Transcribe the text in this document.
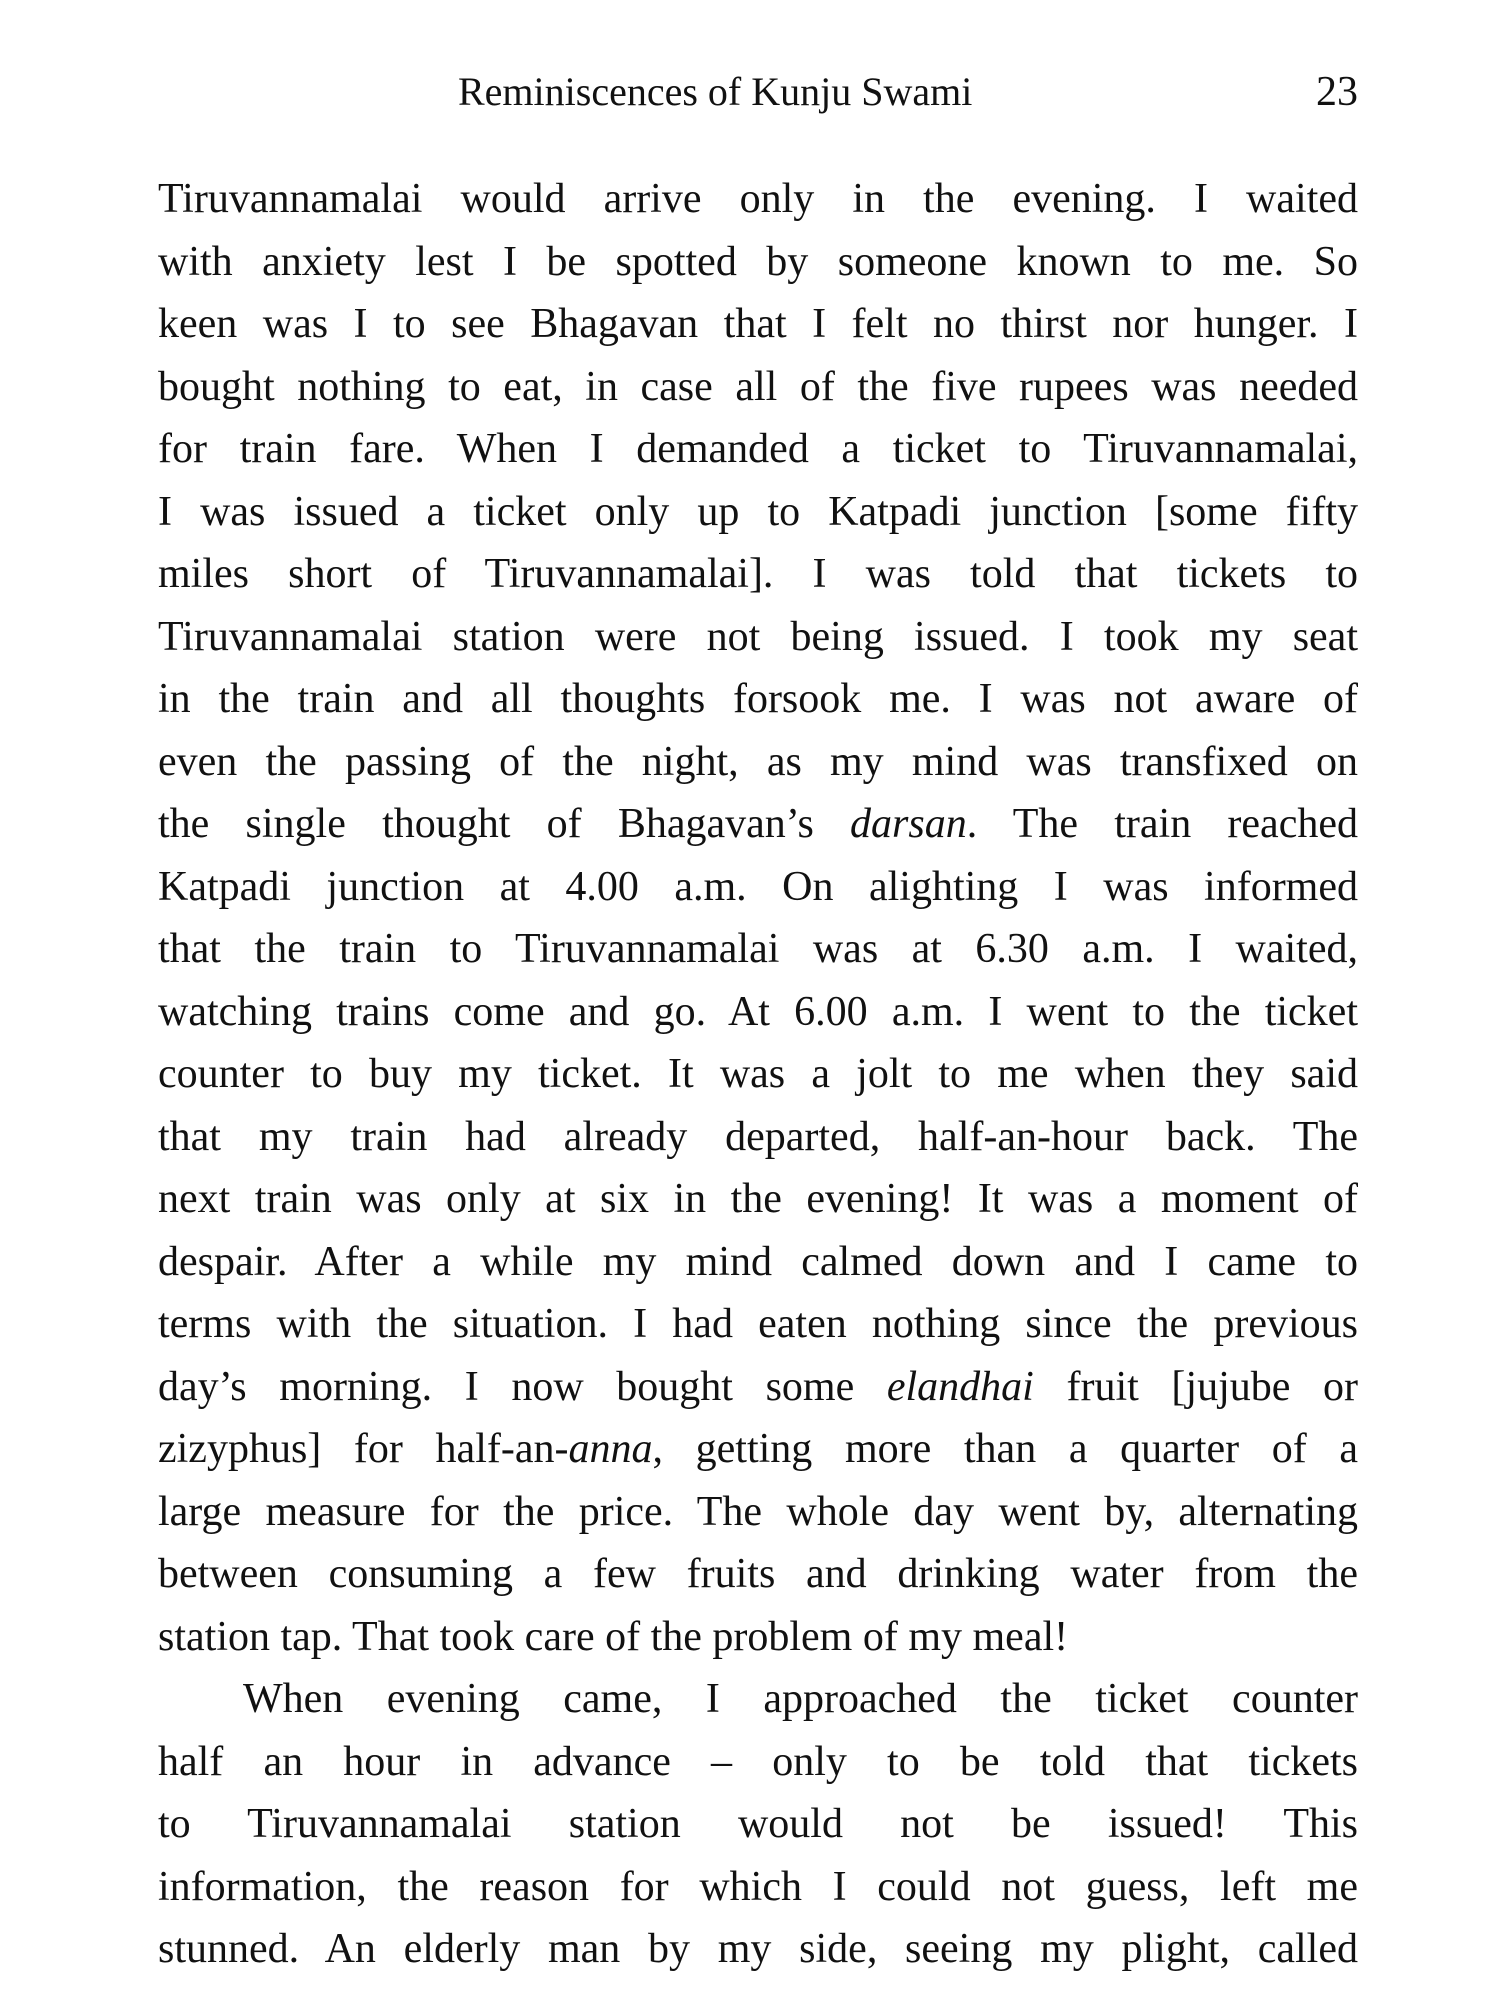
Reminiscences of Kunju Swami	23
Tiruvannamalai would arrive only in the evening. I waited
with anxiety lest I be spotted by someone known to me. So
keen was I to see Bhagavan that I felt no thirst nor hunger. I
bought nothing to eat, in case all of the five rupees was needed
for train fare. When I demanded a ticket to Tiruvannamalai,
I was issued a ticket only up to Katpadi junction [some fifty
miles short of Tiruvannamalai]. I was told that tickets to
Tiruvannamalai station were not being issued. I took my seat
in the train and all thoughts forsook me. I was not aware of
even the passing of the night, as my mind was transfixed on
the single thought of Bhagavan’s darsan. The train reached
Katpadi junction at 4.00 a.m. On alighting I was informed
that the train to Tiruvannamalai was at 6.30 a.m. I waited,
watching trains come and go. At 6.00 a.m. I went to the ticket
counter to buy my ticket. It was a jolt to me when they said
that my train had already departed, half-an-hour back. The
next train was only at six in the evening! It was a moment of
despair. After a while my mind calmed down and I came to
terms with the situation. I had eaten nothing since the previous
day’s morning. I now bought some elandhai fruit [jujube or
zizyphus] for half-an-anna, getting more than a quarter of a
large measure for the price. The whole day went by, alternating
between consuming a few fruits and drinking water from the
station tap. That took care of the problem of my meal!
When evening came, I approached the ticket counter
half an hour in advance – only to be told that tickets
to Tiruvannamalai station would not be issued! This
information, the reason for which I could not guess, left me
stunned. An elderly man by my side, seeing my plight, called
